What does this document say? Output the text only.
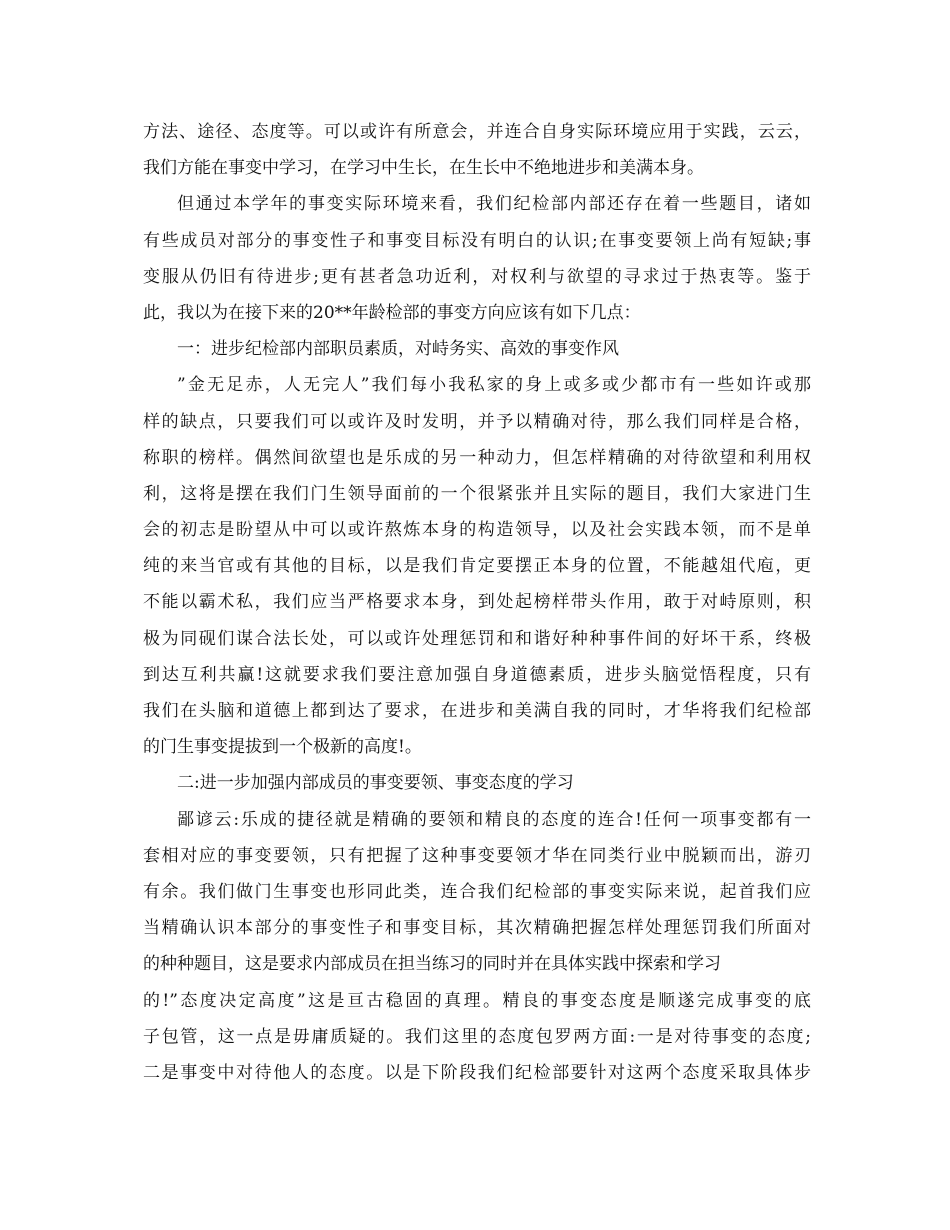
方法、途径、态度等。可以或许有所意会，并连合自身实际环境应用于实践，云云，
我们方能在事变中学习，在学习中生长，在生长中不绝地进步和美满本身。
但通过本学年的事变实际环境来看，我们纪检部内部还存在着一些题目，诸如
有些成员对部分的事变性子和事变目标没有明白的认识;在事变要领上尚有短缺;事
变服从仍旧有待进步;更有甚者急功近利，对权利与欲望的寻求过于热衷等。鉴于
此，我以为在接下来的20**年龄检部的事变方向应该有如下几点：
一：进步纪检部内部职员素质，对峙务实、高效的事变作风
”金无足赤，人无完人”我们每小我私家的身上或多或少都市有一些如许或那
样的缺点，只要我们可以或许及时发明，并予以精确对待，那么我们同样是合格，
称职的榜样。偶然间欲望也是乐成的另一种动力，但怎样精确的对待欲望和利用权
利，这将是摆在我们门生领导面前的一个很紧张并且实际的题目，我们大家进门生
会的初志是盼望从中可以或许熬炼本身的构造领导，以及社会实践本领，而不是单
纯的来当官或有其他的目标，以是我们肯定要摆正本身的位置，不能越俎代庖，更
不能以霸术私，我们应当严格要求本身，到处起榜样带头作用，敢于对峙原则，积
极为同砚们谋合法长处，可以或许处理惩罚和和谐好种种事件间的好坏干系，终极
到达互利共赢!这就要求我们要注意加强自身道德素质，进步头脑觉悟程度，只有
我们在头脑和道德上都到达了要求，在进步和美满自我的同时，才华将我们纪检部
的门生事变提拔到一个极新的高度!。
二:进一步加强内部成员的事变要领、事变态度的学习
鄙谚云:乐成的捷径就是精确的要领和精良的态度的连合!任何一项事变都有一
套相对应的事变要领，只有把握了这种事变要领才华在同类行业中脱颖而出，游刃
有余。我们做门生事变也形同此类，连合我们纪检部的事变实际来说，起首我们应
当精确认识本部分的事变性子和事变目标，其次精确把握怎样处理惩罚我们所面对
的种种题目，这是要求内部成员在担当练习的同时并在具体实践中探索和学习
的!”态度决定高度”这是亘古稳固的真理。精良的事变态度是顺遂完成事变的底
子包管，这一点是毋庸质疑的。我们这里的态度包罗两方面:一是对待事变的态度;
二是事变中对待他人的态度。以是下阶段我们纪检部要针对这两个态度采取具体步
